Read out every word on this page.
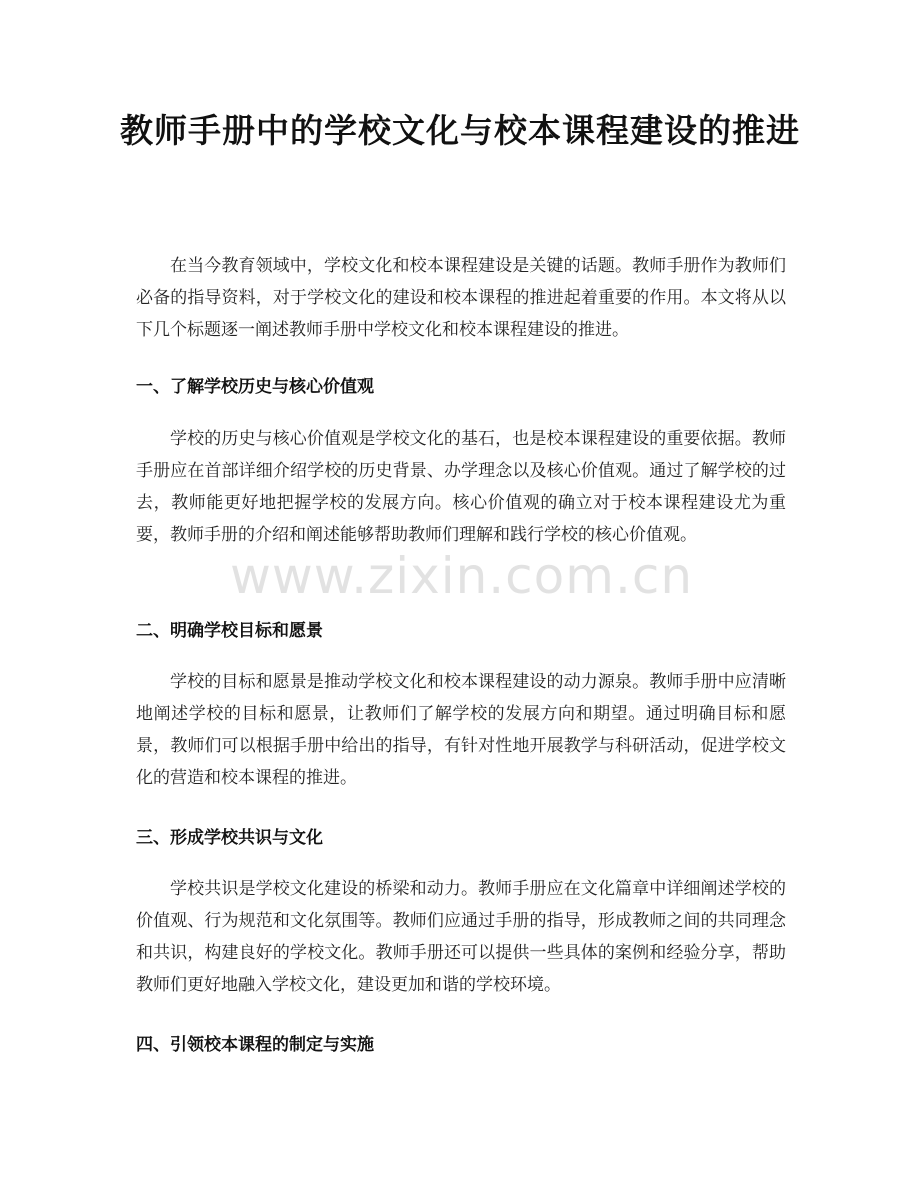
教师手册中的学校文化与校本课程建设的推进

在当今教育领域中，学校文化和校本课程建设是关键的话题。教师手册作为教师们必备的指导资料，对于学校文化的建设和校本课程的推进起着重要的作用。本文将从以下几个标题逐一阐述教师手册中学校文化和校本课程建设的推进。

一、了解学校历史与核心价值观

学校的历史与核心价值观是学校文化的基石，也是校本课程建设的重要依据。教师手册应在首部详细介绍学校的历史背景、办学理念以及核心价值观。通过了解学校的过去，教师能更好地把握学校的发展方向。核心价值观的确立对于校本课程建设尤为重要，教师手册的介绍和阐述能够帮助教师们理解和践行学校的核心价值观。

二、明确学校目标和愿景

学校的目标和愿景是推动学校文化和校本课程建设的动力源泉。教师手册中应清晰地阐述学校的目标和愿景，让教师们了解学校的发展方向和期望。通过明确目标和愿景，教师们可以根据手册中给出的指导，有针对性地开展教学与科研活动，促进学校文化的营造和校本课程的推进。

三、形成学校共识与文化

学校共识是学校文化建设的桥梁和动力。教师手册应在文化篇章中详细阐述学校的价值观、行为规范和文化氛围等。教师们应通过手册的指导，形成教师之间的共同理念和共识，构建良好的学校文化。教师手册还可以提供一些具体的案例和经验分享，帮助教师们更好地融入学校文化，建设更加和谐的学校环境。

四、引领校本课程的制定与实施
www.zixin.com.cn
